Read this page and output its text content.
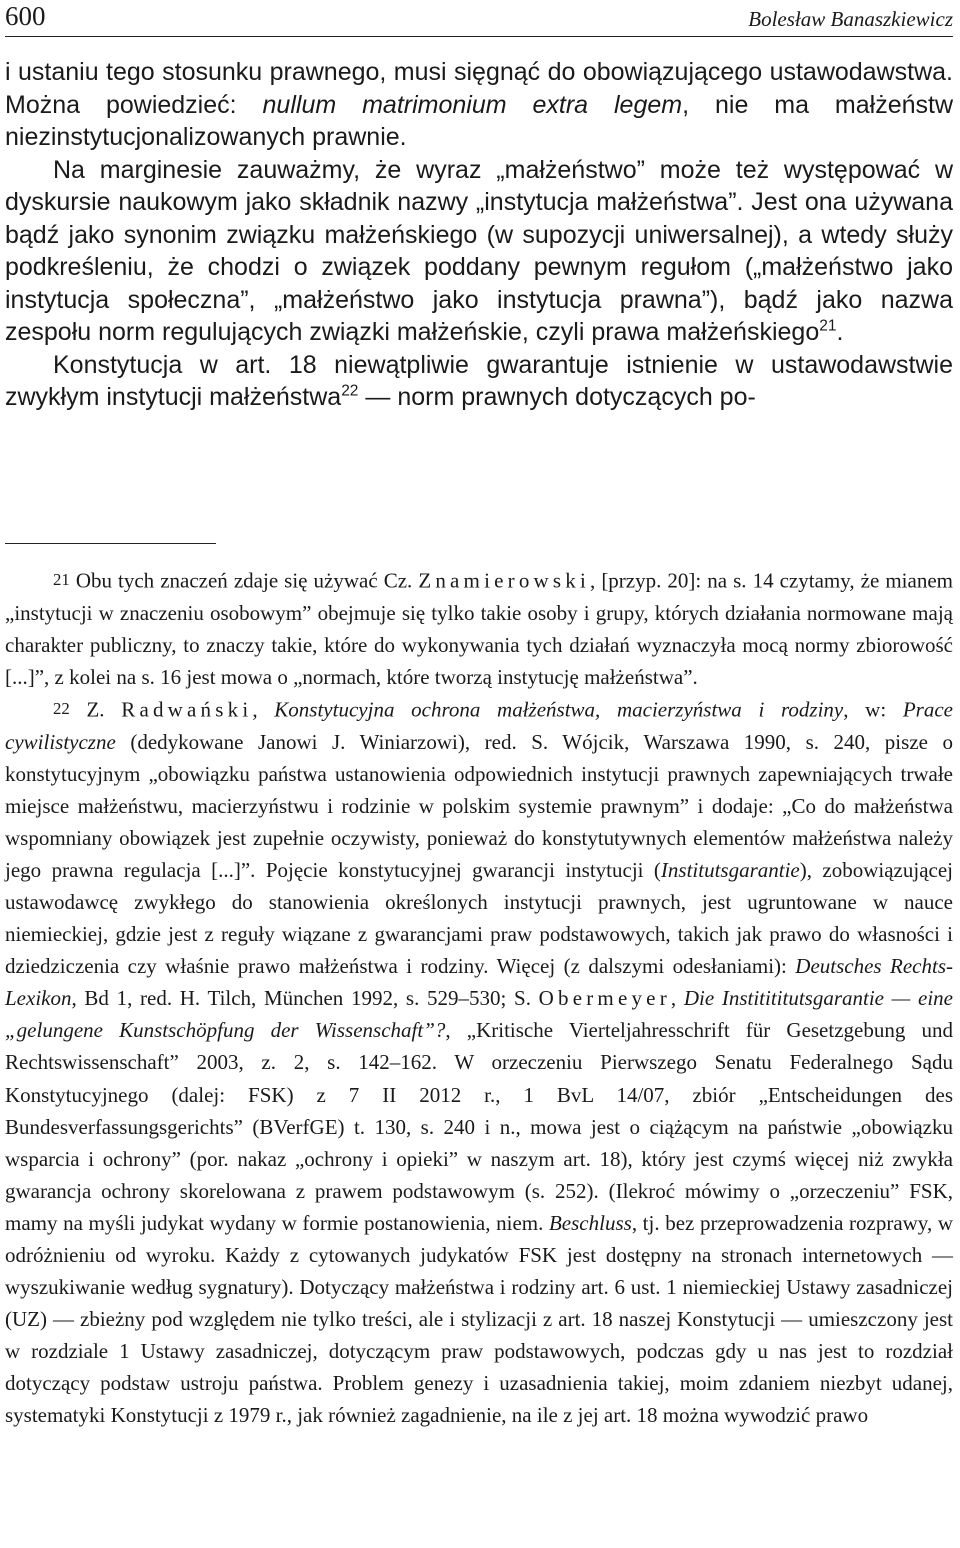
600	Bolesław Banaszkiewicz

i ustaniu tego stosunku prawnego, musi sięgnąć do obowiązującego ustawodawstwa. Można powiedzieć: nullum matrimonium extra legem, nie ma małżeństw niezinstytucjonalizowanych prawnie.

Na marginesie zauważmy, że wyraz „małżeństwo” może też występować w dyskursie naukowym jako składnik nazwy „instytucja małżeństwa”. Jest ona używana bądź jako synonim związku małżeńskiego (w supozycji uniwersalnej), a wtedy służy podkreśleniu, że chodzi o związek poddany pewnym regułom („małżeństwo jako instytucja społeczna”, „małżeństwo jako instytucja prawna”), bądź jako nazwa zespołu norm regulujących związki małżeńskie, czyli prawa małżeńskiego$^{21}$.

Konstytucja w art. 18 niewątpliwie gwarantuje istnienie w ustawodawstwie zwykłym instytucji małżeństwa$^{22}$ — norm prawnych dotyczących po-

21 Obu tych znaczeń zdaje się używać Cz. Znamierowski, [przyp. 20]: na s. 14 czytamy, że mianem „instytucji w znaczeniu osobowym” obejmuje się tylko takie osoby i grupy, których działania normowane mają charakter publiczny, to znaczy takie, które do wykonywania tych działań wyznaczyła mocą normy zbiorowość [...]”, z kolei na s. 16 jest mowa o „normach, które tworzą instytucję małżeństwa”.

22 Z. Radwański, Konstytucyjna ochrona małżeństwa, macierzyństwa i rodziny, w: Prace cywilistyczne (dedykowane Janowi J. Winiarzowi), red. S. Wójcik, Warszawa 1990, s. 240, pisze o konstytucyjnym „obowiązku państwa ustanowienia odpowiednich instytucji prawnych zapewniających trwałe miejsce małżeństwu, macierzyństwu i rodzinie w polskim systemie prawnym” i dodaje: „Co do małżeństwa wspomniany obowiązek jest zupełnie oczywisty, ponieważ do konstytutywnych elementów małżeństwa należy jego prawna regulacja [...]”. Pojęcie konstytucyjnej gwarancji instytucji (Institutsgarantie), zobowiązującej ustawodawcę zwykłego do stanowienia określonych instytucji prawnych, jest ugruntowane w nauce niemieckiej, gdzie jest z reguły wiązane z gwarancjami praw podstawowych, takich jak prawo do własności i dziedziczenia czy właśnie prawo małżeństwa i rodziny. Więcej (z dalszymi odesłaniami): Deutsches Rechts-Lexikon, Bd 1, red. H. Tilch, München 1992, s. 529–530; S. Obermeyer, Die Institititutsgarantie — eine „gelungene Kunstschöpfung der Wissenschaft”?, „Kritische Vierteljahresschrift für Gesetzgebung und Rechtswissenschaft” 2003, z. 2, s. 142–162. W orzeczeniu Pierwszego Senatu Federalnego Sądu Konstytucyjnego (dalej: FSK) z 7 II 2012 r., 1 BvL 14/07, zbiór „Entscheidungen des Bundesverfassungsgerichts” (BVerfGE) t. 130, s. 240 i n., mowa jest o ciążącym na państwie „obowiązku wsparcia i ochrony” (por. nakaz „ochrony i opieki” w naszym art. 18), który jest czymś więcej niż zwykła gwarancja ochrony skorelowana z prawem podstawowym (s. 252). (Ilekroć mówimy o „orzeczeniu” FSK, mamy na myśli judykat wydany w formie postanowienia, niem. Beschluss, tj. bez przeprowadzenia rozprawy, w odróżnieniu od wyroku. Każdy z cytowanych judykatów FSK jest dostępny na stronach internetowych — wyszukiwanie według sygnatury). Dotyczący małżeństwa i rodziny art. 6 ust. 1 niemieckiej Ustawy zasadniczej (UZ) — zbieżny pod względem nie tylko treści, ale i stylizacji z art. 18 naszej Konstytucji — umieszczony jest w rozdziale 1 Ustawy zasadniczej, dotyczącym praw podstawowych, podczas gdy u nas jest to rozdział dotyczący podstaw ustroju państwa. Problem genezy i uzasadnienia takiej, moim zdaniem niezbyt udanej, systematyki Konstytucji z 1979 r., jak również zagadnienie, na ile z jej art. 18 można wywodzić prawo
